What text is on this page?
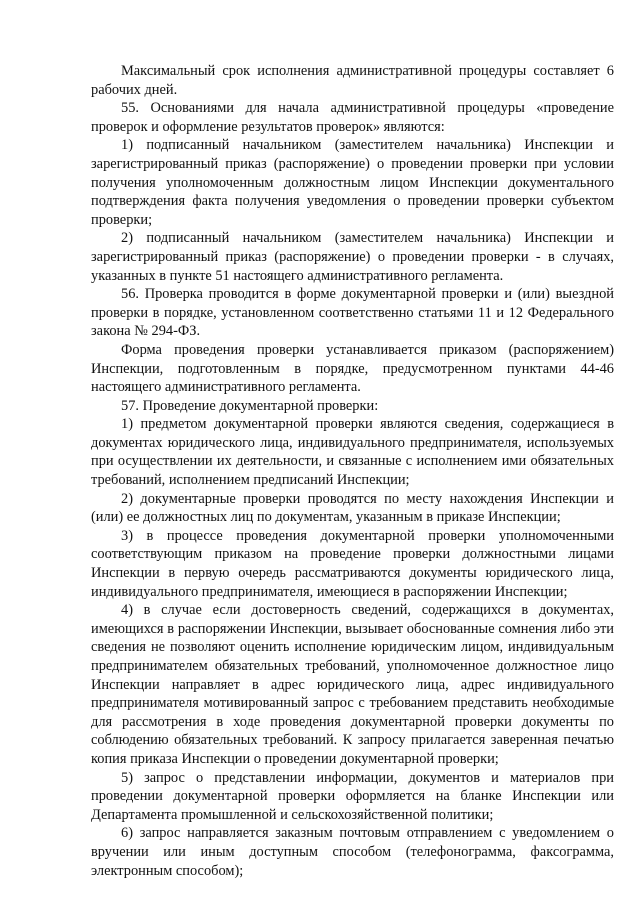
Максимальный срок исполнения административной процедуры составляет 6 рабочих дней.

55. Основаниями для начала административной процедуры «проведение проверок и оформление результатов проверок» являются:

1) подписанный начальником (заместителем начальника) Инспекции и зарегистрированный приказ (распоряжение) о проведении проверки при условии получения уполномоченным должностным лицом Инспекции документального подтверждения факта получения уведомления о проведении проверки субъектом проверки;

2) подписанный начальником (заместителем начальника) Инспекции и зарегистрированный приказ (распоряжение) о проведении проверки - в случаях, указанных в пункте 51 настоящего административного регламента.

56. Проверка проводится в форме документарной проверки и (или) выездной проверки в порядке, установленном соответственно статьями 11 и 12 Федерального закона № 294-ФЗ.

Форма проведения проверки устанавливается приказом (распоряжением) Инспекции, подготовленным в порядке, предусмотренном пунктами 44-46 настоящего административного регламента.

57. Проведение документарной проверки:

1) предметом документарной проверки являются сведения, содержащиеся в документах юридического лица, индивидуального предпринимателя, используемых при осуществлении их деятельности, и связанные с исполнением ими обязательных требований, исполнением предписаний Инспекции;

2) документарные проверки проводятся по месту нахождения Инспекции и (или) ее должностных лиц по документам, указанным в приказе Инспекции;

3) в процессе проведения документарной проверки уполномоченными соответствующим приказом на проведение проверки должностными лицами Инспекции в первую очередь рассматриваются документы юридического лица, индивидуального предпринимателя, имеющиеся в распоряжении Инспекции;

4) в случае если достоверность сведений, содержащихся в документах, имеющихся в распоряжении Инспекции, вызывает обоснованные сомнения либо эти сведения не позволяют оценить исполнение юридическим лицом, индивидуальным предпринимателем обязательных требований, уполномоченное должностное лицо Инспекции направляет в адрес юридического лица, адрес индивидуального предпринимателя мотивированный запрос с требованием представить необходимые для рассмотрения в ходе проведения документарной проверки документы по соблюдению обязательных требований. К запросу прилагается заверенная печатью копия приказа Инспекции о проведении документарной проверки;

5) запрос о представлении информации, документов и материалов при проведении документарной проверки оформляется на бланке Инспекции или Департамента промышленной и сельскохозяйственной политики;

6) запрос направляется заказным почтовым отправлением с уведомлением о вручении или иным доступным способом (телефонограмма, факсограмма, электронным способом);
